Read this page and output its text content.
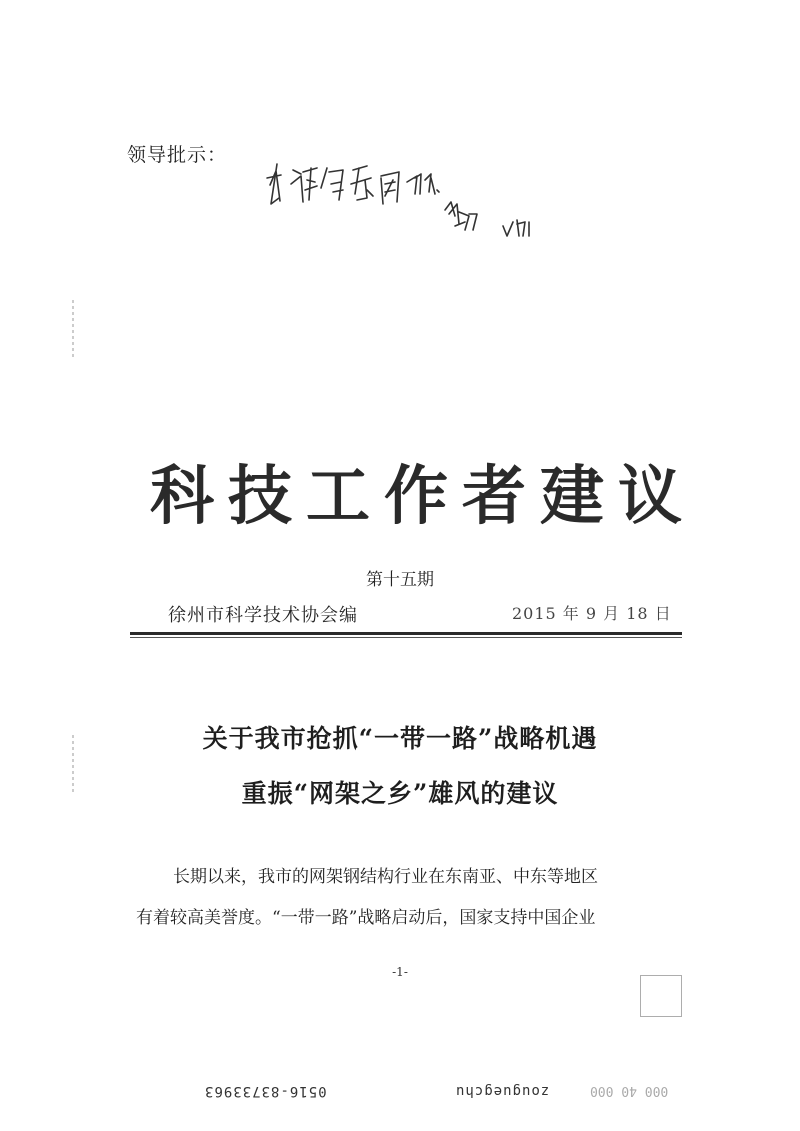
领导批示：
科技工作者建议
第十五期
徐州市科学技术协会编	2015 年 9 月 18 日
关于我市抢抓“一带一路”战略机遇
重振“网架之乡”雄风的建议
长期以来，我市的网架钢结构行业在东南亚、中东等地区
有着较高美誉度。“一带一路”战略启动后，国家支持中国企业
-1-
0516-83733963	zouguegchu	000 40 000
